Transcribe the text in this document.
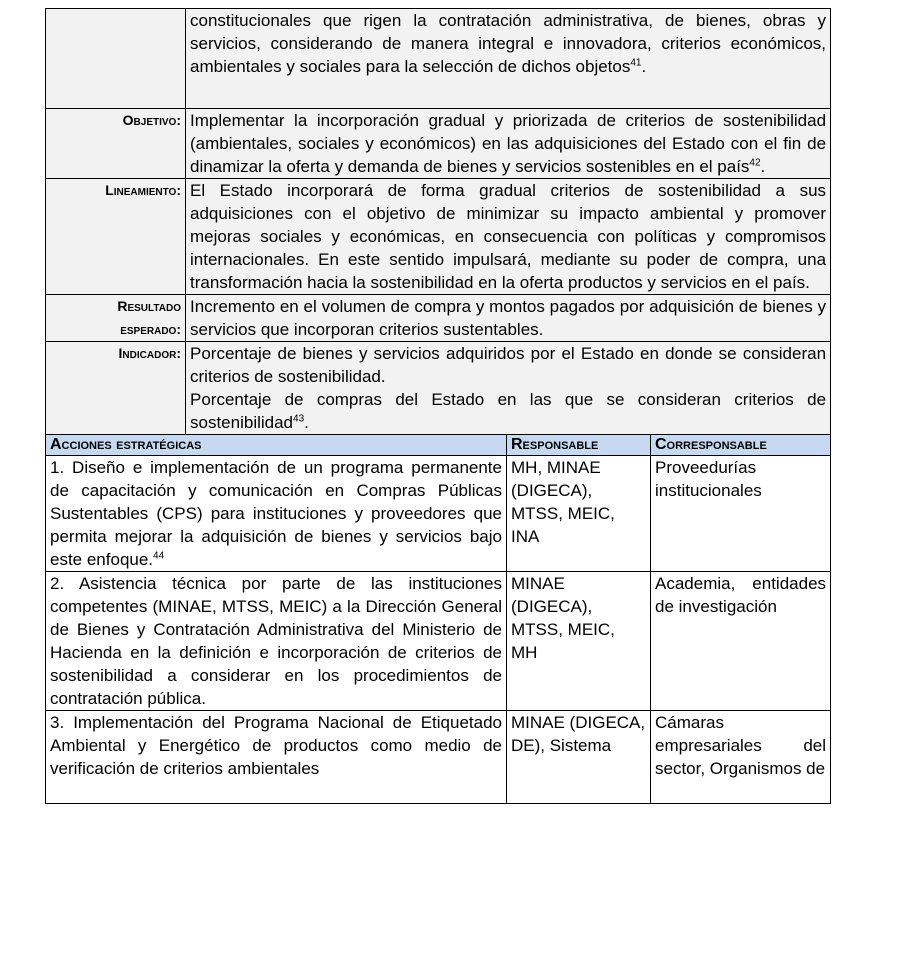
	constitucionales que rigen la contratación administrativa, de bienes, obras y servicios, considerando de manera integral e innovadora, criterios económicos, ambientales y sociales para la selección de dichos objetos$^{41}$.		
Objetivo:	Implementar la incorporación gradual y priorizada de criterios de sostenibilidad (ambientales, sociales y económicos) en las adquisiciones del Estado con el fin de dinamizar la oferta y demanda de bienes y servicios sostenibles en el país$^{42}$.		
Lineamiento:	El Estado incorporará de forma gradual criterios de sostenibilidad a sus adquisiciones con el objetivo de minimizar su impacto ambiental y promover mejoras sociales y económicas, en consecuencia con políticas y compromisos internacionales. En este sentido impulsará, mediante su poder de compra, una transformación hacia la sostenibilidad en la oferta productos y servicios en el país.		

Resultado
esperado:	Incremento en el volumen de compra y montos pagados por adquisición de bienes y servicios que incorporan criterios sustentables.		
Indicador:	Porcentaje de bienes y servicios adquiridos por el Estado en donde se consideran criterios de sostenibilidad.
Porcentaje de compras del Estado en las que se consideran criterios de sostenibilidad$^{43}$.		

Acciones estratégicas		Responsable	Corresponsable
1. Diseño e implementación de un programa permanente de capacitación y comunicación en Compras Públicas Sustentables (CPS) para instituciones y proveedores que permita mejorar la adquisición de bienes y servicios bajo este enfoque.$^{44}$		MH, MINAE (DIGECA), MTSS, MEIC, INA	Proveedurías institucionales
2. Asistencia técnica por parte de las instituciones competentes (MINAE, MTSS, MEIC) a la Dirección General de Bienes y Contratación Administrativa del Ministerio de Hacienda en la definición e incorporación de criterios de sostenibilidad a considerar en los procedimientos de contratación pública.		MINAE (DIGECA), MTSS, MEIC, MH	Academia, entidades de investigación
3. Implementación del Programa Nacional de Etiquetado Ambiental y Energético de productos como medio de verificación de criterios ambientales		MINAE (DIGECA, DE), Sistema	Cámaras empresariales del sector, Organismos de
